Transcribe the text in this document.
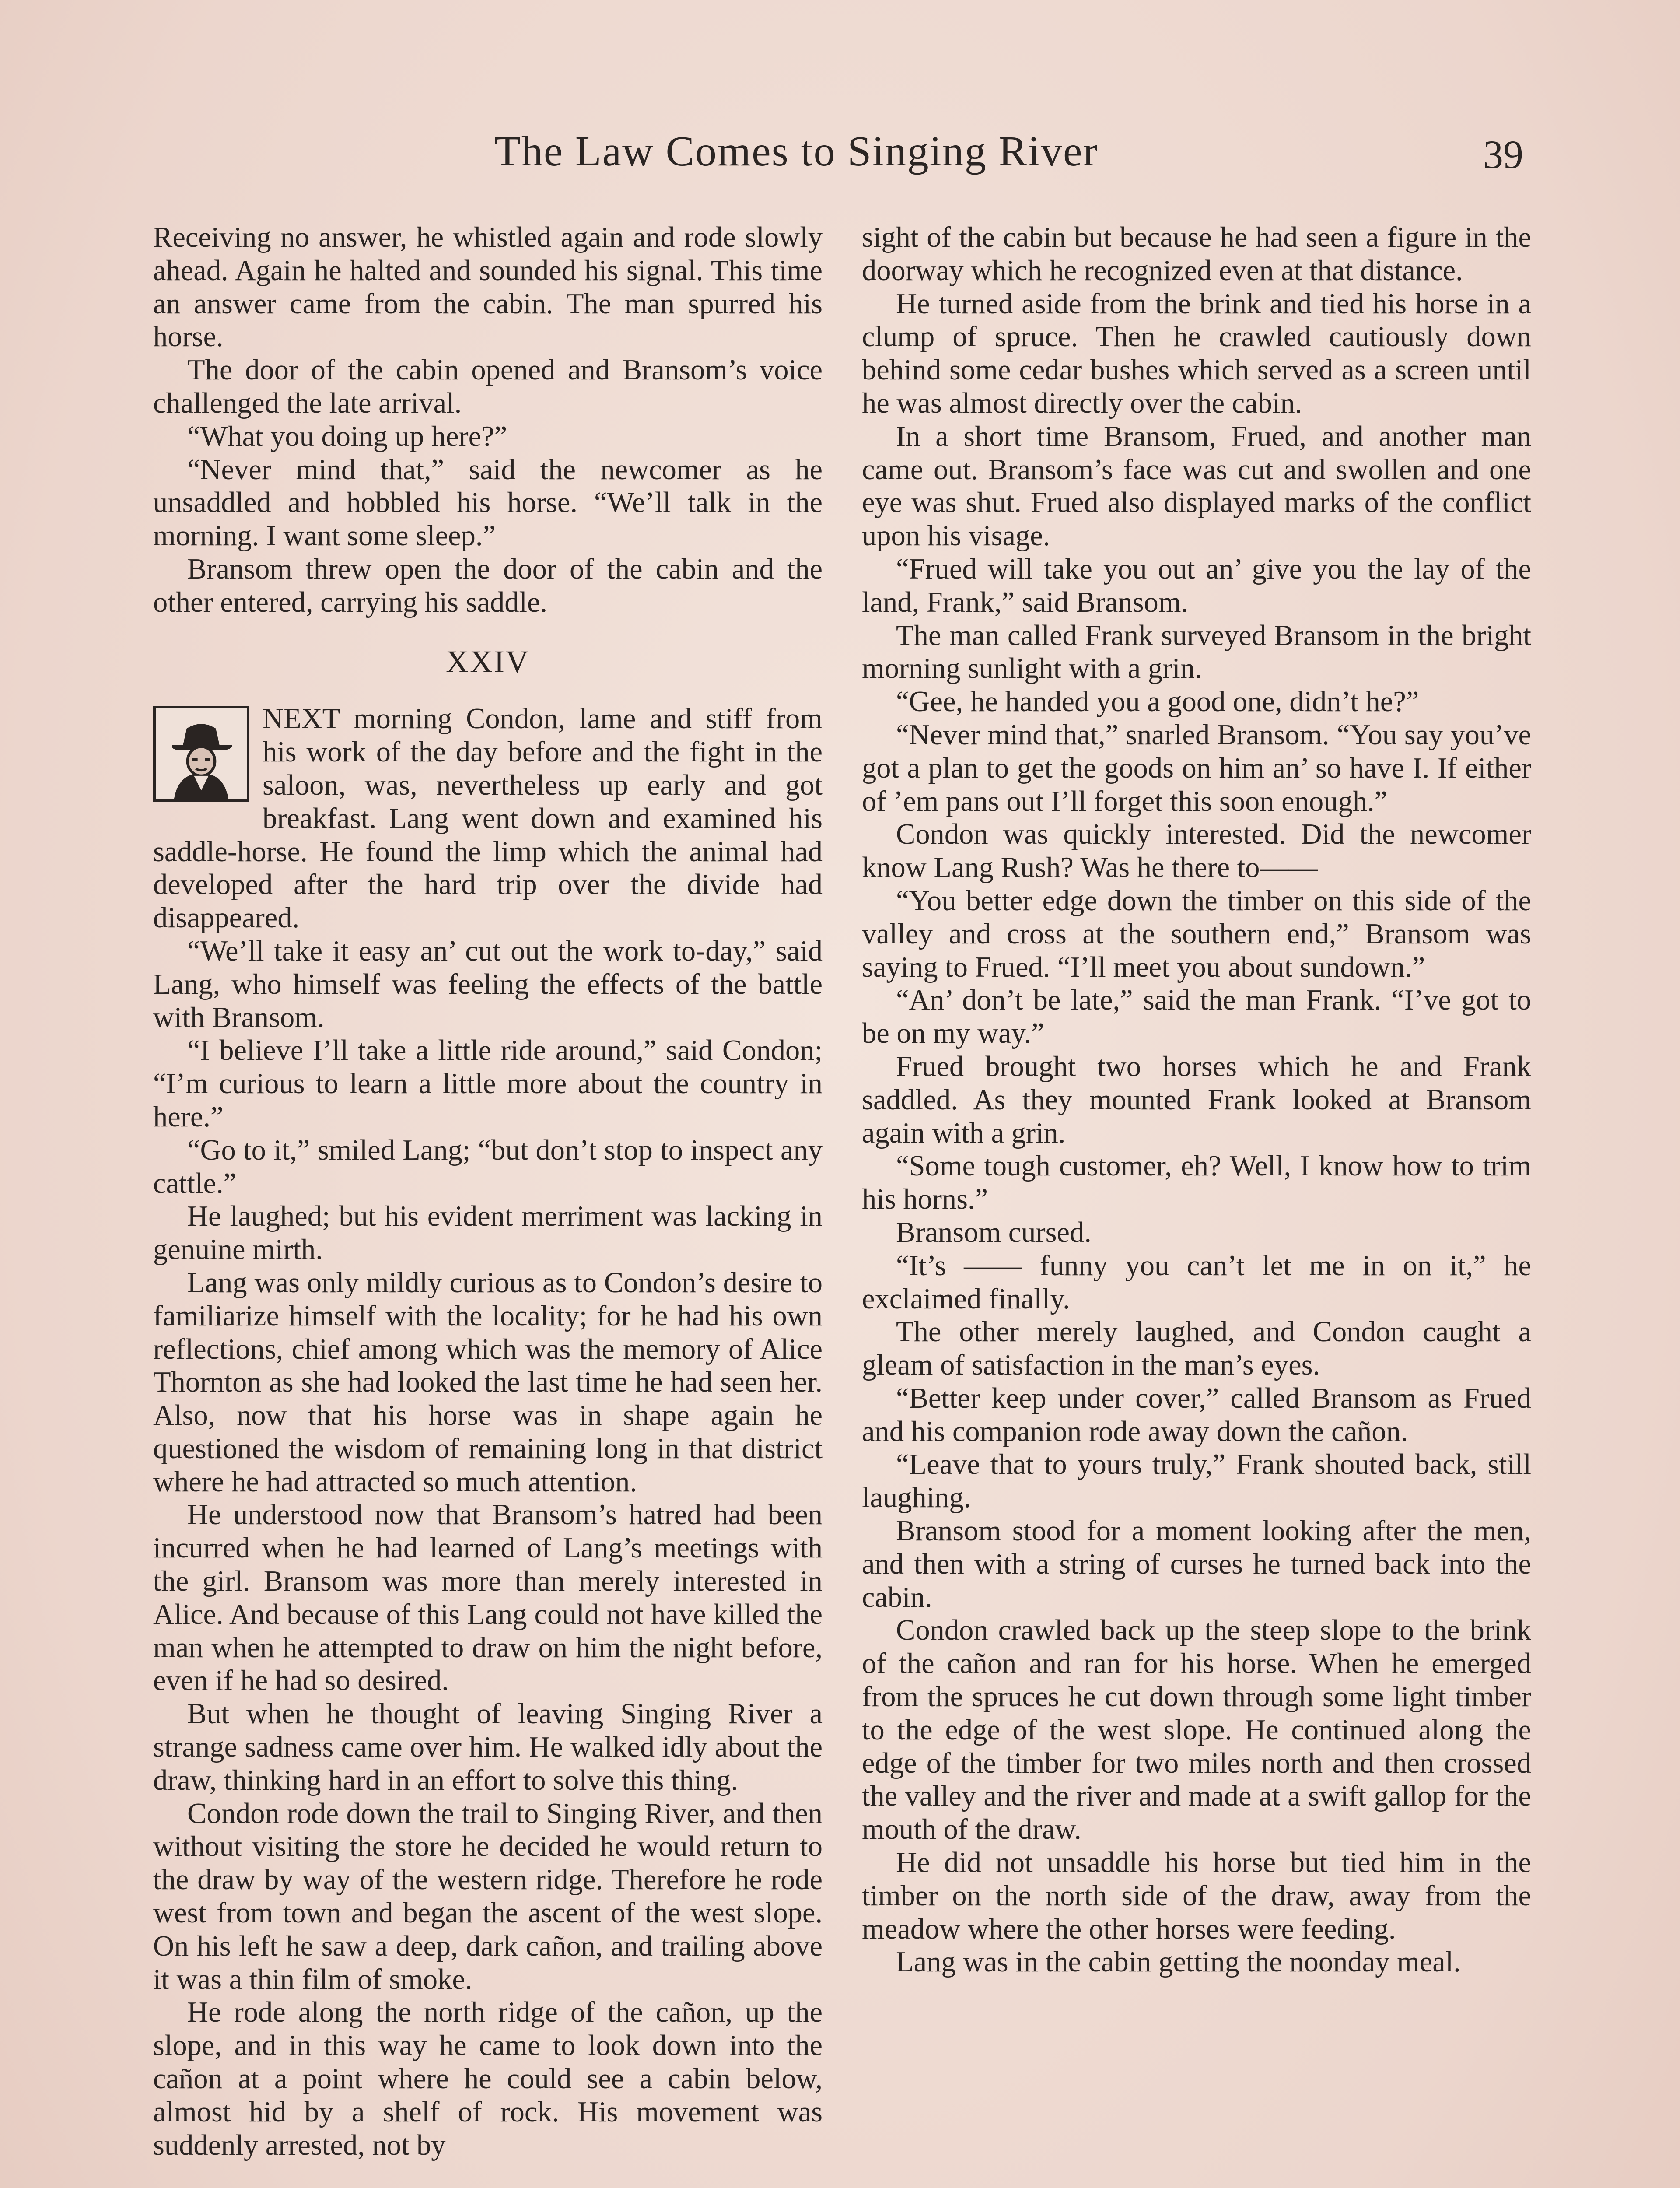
The Law Comes to Singing River	39

Receiving no answer, he whistled again and rode slowly ahead. Again he halted and sounded his signal. This time an answer came from the cabin. The man spurred his horse.

The door of the cabin opened and Bransom’s voice challenged the late arrival.

“What you doing up here?”

“Never mind that,” said the newcomer as he unsaddled and hobbled his horse. “We’ll talk in the morning. I want some sleep.”

Bransom threw open the door of the cabin and the other entered, carrying his saddle.

XXIV

NEXT morning Condon, lame and stiff from his work of the day before and the fight in the saloon, was, nevertheless up early and got breakfast. Lang went down and examined his saddle-horse. He found the limp which the animal had developed after the hard trip over the divide had disappeared.

“We’ll take it easy an’ cut out the work to-day,” said Lang, who himself was feeling the effects of the battle with Bransom.

“I believe I’ll take a little ride around,” said Condon; “I’m curious to learn a little more about the country in here.”

“Go to it,” smiled Lang; “but don’t stop to inspect any cattle.”

He laughed; but his evident merriment was lacking in genuine mirth.

Lang was only mildly curious as to Condon’s desire to familiarize himself with the locality; for he had his own reflections, chief among which was the memory of Alice Thornton as she had looked the last time he had seen her. Also, now that his horse was in shape again he questioned the wisdom of remaining long in that district where he had attracted so much attention.

He understood now that Bransom’s hatred had been incurred when he had learned of Lang’s meetings with the girl. Bransom was more than merely interested in Alice. And because of this Lang could not have killed the man when he attempted to draw on him the night before, even if he had so desired.

But when he thought of leaving Singing River a strange sadness came over him. He walked idly about the draw, thinking hard in an effort to solve this thing.

Condon rode down the trail to Singing River, and then without visiting the store he decided he would return to the draw by way of the western ridge. Therefore he rode west from town and began the ascent of the west slope. On his left he saw a deep, dark cañon, and trailing above it was a thin film of smoke.

He rode along the north ridge of the cañon, up the slope, and in this way he came to look down into the cañon at a point where he could see a cabin below, almost hid by a shelf of rock. His movement was suddenly arrested, not by

sight of the cabin but because he had seen a figure in the doorway which he recognized even at that distance.

He turned aside from the brink and tied his horse in a clump of spruce. Then he crawled cautiously down behind some cedar bushes which served as a screen until he was almost directly over the cabin.

In a short time Bransom, Frued, and another man came out. Bransom’s face was cut and swollen and one eye was shut. Frued also displayed marks of the conflict upon his visage.

“Frued will take you out an’ give you the lay of the land, Frank,” said Bransom.

The man called Frank surveyed Bransom in the bright morning sunlight with a grin.

“Gee, he handed you a good one, didn’t he?”

“Never mind that,” snarled Bransom. “You say you’ve got a plan to get the goods on him an’ so have I. If either of ’em pans out I’ll forget this soon enough.”

Condon was quickly interested. Did the newcomer know Lang Rush? Was he there to——

“You better edge down the timber on this side of the valley and cross at the southern end,” Bransom was saying to Frued. “I’ll meet you about sundown.”

“An’ don’t be late,” said the man Frank. “I’ve got to be on my way.”

Frued brought two horses which he and Frank saddled. As they mounted Frank looked at Bransom again with a grin.

“Some tough customer, eh? Well, I know how to trim his horns.”

Bransom cursed.

“It’s —— funny you can’t let me in on it,” he exclaimed finally.

The other merely laughed, and Condon caught a gleam of satisfaction in the man’s eyes.

“Better keep under cover,” called Bransom as Frued and his companion rode away down the cañon.

“Leave that to yours truly,” Frank shouted back, still laughing.

Bransom stood for a moment looking after the men, and then with a string of curses he turned back into the cabin.

Condon crawled back up the steep slope to the brink of the cañon and ran for his horse. When he emerged from the spruces he cut down through some light timber to the edge of the west slope. He continued along the edge of the timber for two miles north and then crossed the valley and the river and made at a swift gallop for the mouth of the draw.

He did not unsaddle his horse but tied him in the timber on the north side of the draw, away from the meadow where the other horses were feeding.

Lang was in the cabin getting the noonday meal.
